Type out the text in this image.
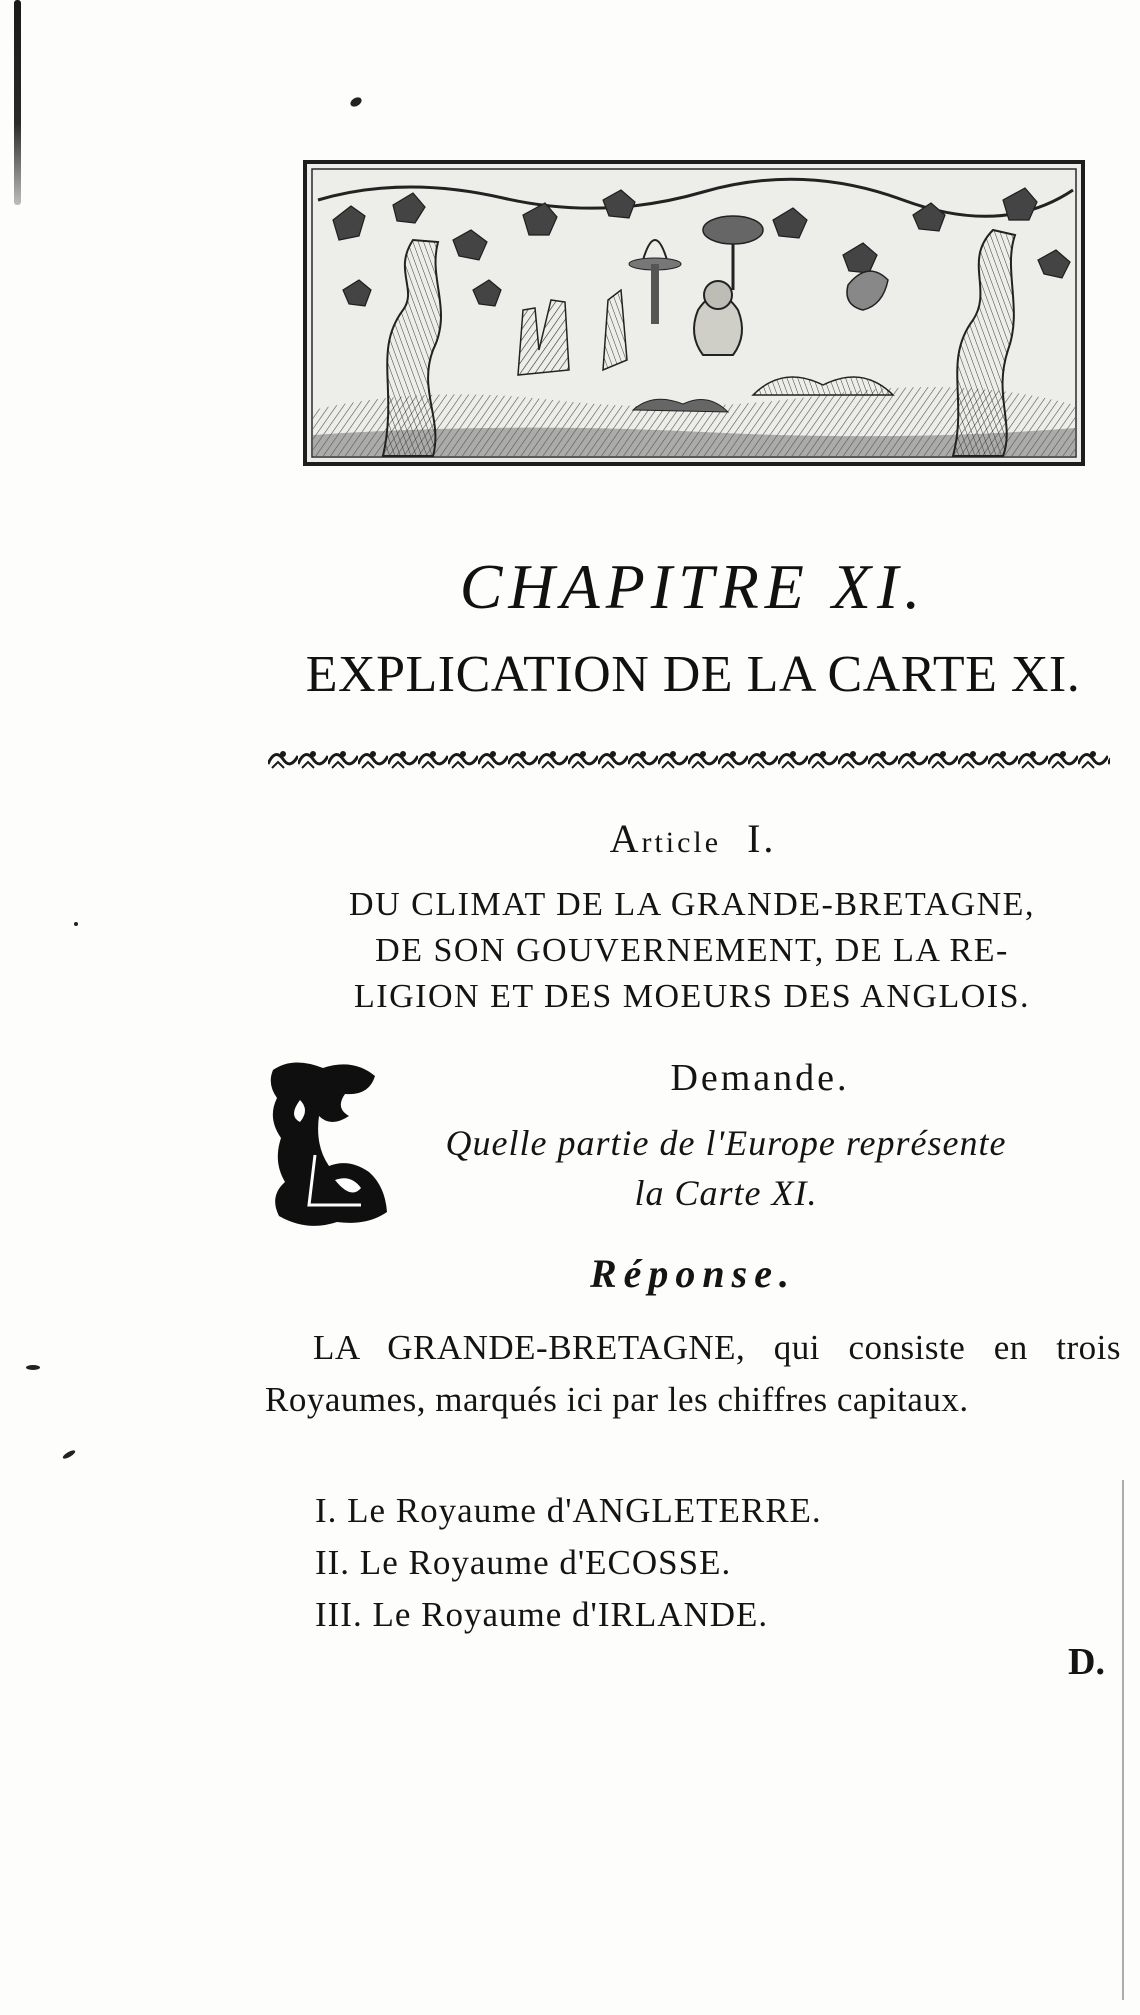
CHAPITRE XI.
EXPLICATION DE LA CARTE XI.
Article I.
DU CLIMAT DE LA GRANDE-BRETAGNE,
DE SON GOUVERNEMENT, DE LA RE-
LIGION ET DES MOEURS DES ANGLOIS.
Demande.
Quelle partie de l'Europe représente
la Carte XI.
Réponse.
LA GRANDE-BRETAGNE, qui consiste en trois Royaumes, marqués ici par les chiffres capitaux.
I. Le Royaume d'ANGLETERRE.
II. Le Royaume d'ECOSSE.
III. Le Royaume d'IRLANDE.
D.
